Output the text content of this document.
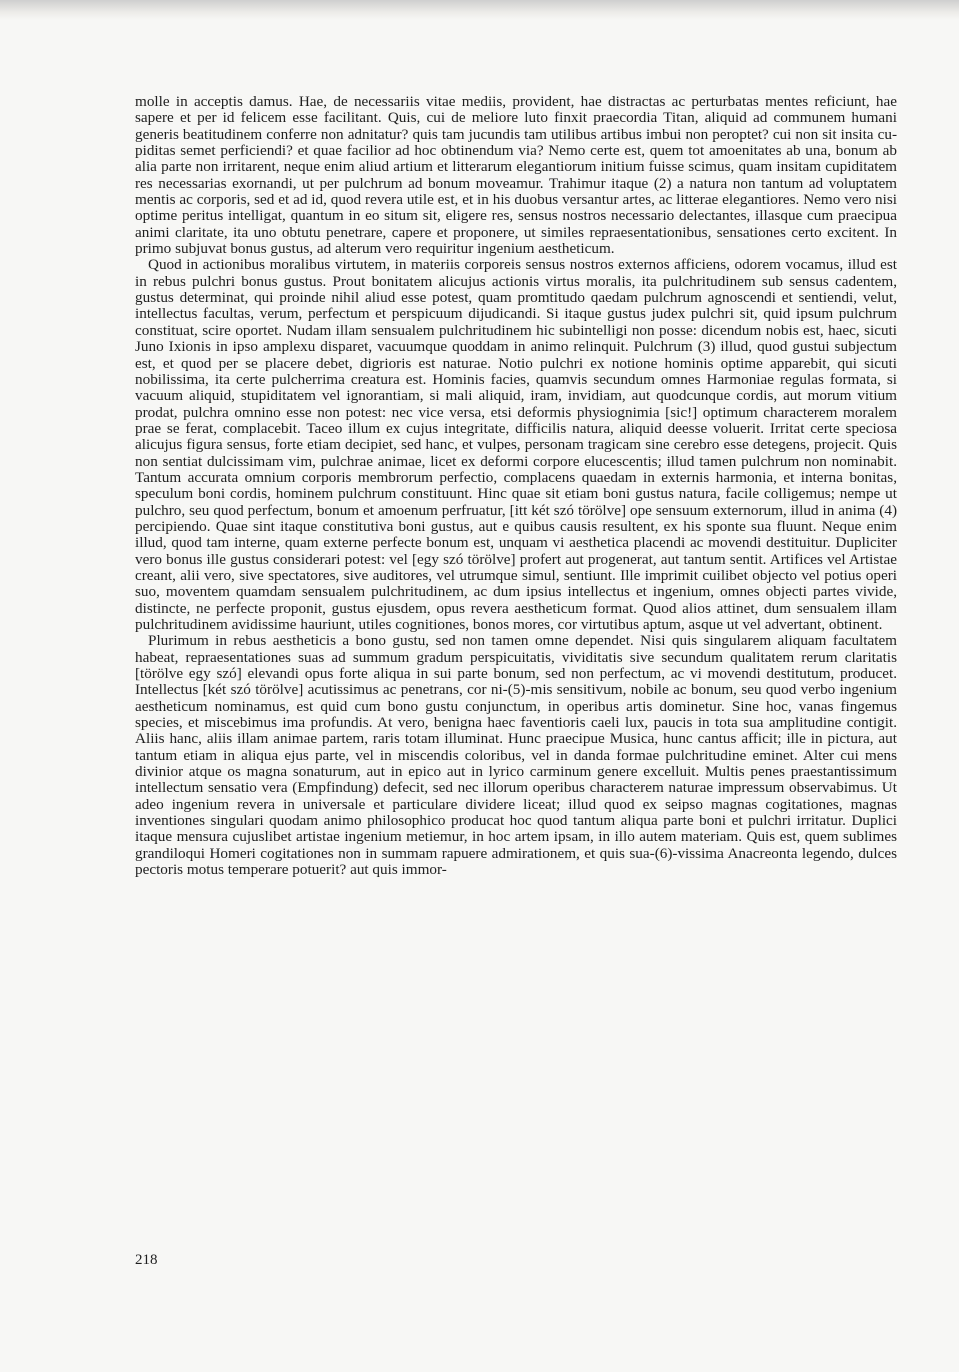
molle in acceptis damus. Hae, de necessariis vitae mediis, provident, hae distractas ac perturbatas mentes reficiunt, hae sapere et per id felicem esse facilitant. Quis, cui de meliore luto finxit praecordia Titan, aliquid ad communem humani generis beatitudinem conferre non adnitatur? quis tam jucundis tam utilibus artibus imbui non peroptet? cui non sit insita cupiditas semet perficiendi? et quae facilior ad hoc obtinendum via? Nemo certe est, quem tot amoenitates ab una, bonum ab alia parte non irritarent, neque enim aliud artium et litterarum elegantiorum initium fuisse scimus, quam insitam cupiditatem res necessarias exornandi, ut per pulchrum ad bonum moveamur. Trahimur itaque (2) a natura non tantum ad voluptatem mentis ac corporis, sed et ad id, quod revera utile est, et in his duobus versantur artes, ac litterae elegantiores. Nemo vero nisi optime peritus intelligat, quantum in eo situm sit, eligere res, sensus nostros necessario delectantes, illasque cum praecipua animi claritate, ita uno obtutu penetrare, capere et proponere, ut similes repraesentationibus, sensationes certo excitent. In primo subjuvat bonus gustus, ad alterum vero requiritur ingenium aestheticum.

Quod in actionibus moralibus virtutem, in materiis corporeis sensus nostros externos afficiens, odorem vocamus, illud est in rebus pulchri bonus gustus. Prout bonitatem alicujus actionis virtus moralis, ita pulchritudinem sub sensus cadentem, gustus determinat, qui proinde nihil aliud esse potest, quam promtitudo qaedam pulchrum agnoscendi et sentiendi, velut, intellectus facultas, verum, perfectum et perspicuum dijudicandi. Si itaque gustus judex pulchri sit, quid ipsum pulchrum constituat, scire oportet. Nudam illam sensualem pulchritudinem hic subintelligi non posse: dicendum nobis est, haec, sicuti Juno Ixionis in ipso amplexu disparet, vacuumque quoddam in animo relinquit. Pulchrum (3) illud, quod gustui subjectum est, et quod per se placere debet, digrioris est naturae. Notio pulchri ex notione hominis optime apparebit, qui sicuti nobilissima, ita certe pulcherrima creatura est. Hominis facies, quamvis secundum omnes Harmoniae regulas formata, si vacuum aliquid, stupiditatem vel ignorantiam, si mali aliquid, iram, invidiam, aut quodcunque cordis, aut morum vitium prodat, pulchra omnino esse non potest: nec vice versa, etsi deformis physiognimia [sic!] optimum characterem moralem prae se ferat, complacebit. Taceo illum ex cujus integritate, difficilis natura, aliquid deesse voluerit. Irritat certe speciosa alicujus figura sensus, forte etiam decipiet, sed hanc, et vulpes, personam tragicam sine cerebro esse detegens, projecit. Quis non sentiat dulcissimam vim, pulchrae animae, licet ex deformi corpore elucescentis; illud tamen pulchrum non nominabit. Tantum accurata omnium corporis membrorum perfectio, complacens quaedam in externis harmonia, et interna bonitas, speculum boni cordis, hominem pulchrum constituunt. Hinc quae sit etiam boni gustus natura, facile colligemus; nempe ut pulchro, seu quod perfectum, bonum et amoenum perfruatur, [itt két szó törölve] ope sensuum externorum, illud in anima (4) percipiendo. Quae sint itaque constitutiva boni gustus, aut e quibus causis resultent, ex his sponte sua fluunt. Neque enim illud, quod tam interne, quam externe perfecte bonum est, unquam vi aesthetica placendi ac movendi destituitur. Dupliciter vero bonus ille gustus considerari potest: vel [egy szó törölve] profert aut progenerat, aut tantum sentit. Artifices vel Artistae creant, alii vero, sive spectatores, sive auditores, vel utrumque simul, sentiunt. Ille imprimit cuilibet objecto vel potius operi suo, moventem quamdam sensualem pulchritudinem, ac dum ipsius intellectus et ingenium, omnes objecti partes vivide, distincte, ne perfecte proponit, gustus ejusdem, opus revera aestheticum format. Quod alios attinet, dum sensualem illam pulchritudinem avidissime hauriunt, utiles cognitiones, bonos mores, cor virtutibus aptum, asque ut vel advertant, obtinent.

Plurimum in rebus aestheticis a bono gustu, sed non tamen omne dependet. Nisi quis singularem aliquam facultatem habeat, repraesentationes suas ad summum gradum perspicuitatis, vividitatis sive secundum qualitatem rerum claritatis [törölve egy szó] elevandi opus forte aliqua in sui parte bonum, sed non perfectum, ac vi movendi destitutum, producet. Intellectus [két szó törölve] acutissimus ac penetrans, cor ni-(5)-mis sensitivum, nobile ac bonum, seu quod verbo ingenium aestheticum nominamus, est quid cum bono gustu conjunctum, in operibus artis dominetur. Sine hoc, vanas fingemus species, et miscebimus ima profundis. At vero, benigna haec faventioris caeli lux, paucis in tota sua amplitudine contigit. Aliis hanc, aliis illam animae partem, raris totam illuminat. Hunc praecipue Musica, hunc cantus afficit; ille in pictura, aut tantum etiam in aliqua ejus parte, vel in miscendis coloribus, vel in danda formae pulchritudine eminet. Alter cui mens divinior atque os magna sonaturum, aut in epico aut in lyrico carminum genere excelluit. Multis penes praestantissimum intellectum sensatio vera (Empfindung) defecit, sed nec illorum operibus characterem naturae impressum observabimus. Ut adeo ingenium revera in universale et particulare dividere liceat; illud quod ex seipso magnas cogitationes, magnas inventiones singulari quodam animo philosophico producat hoc quod tantum aliqua parte boni et pulchri irritatur. Duplici itaque mensura cujuslibet artistae ingenium metiemur, in hoc artem ipsam, in illo autem materiam. Quis est, quem sublimes grandiloqui Homeri cogitationes non in summam rapuere admirationem, et quis sua-(6)-vissima Anacreonta legendo, dulces pectoris motus temperare potuerit? aut quis immor-

218
